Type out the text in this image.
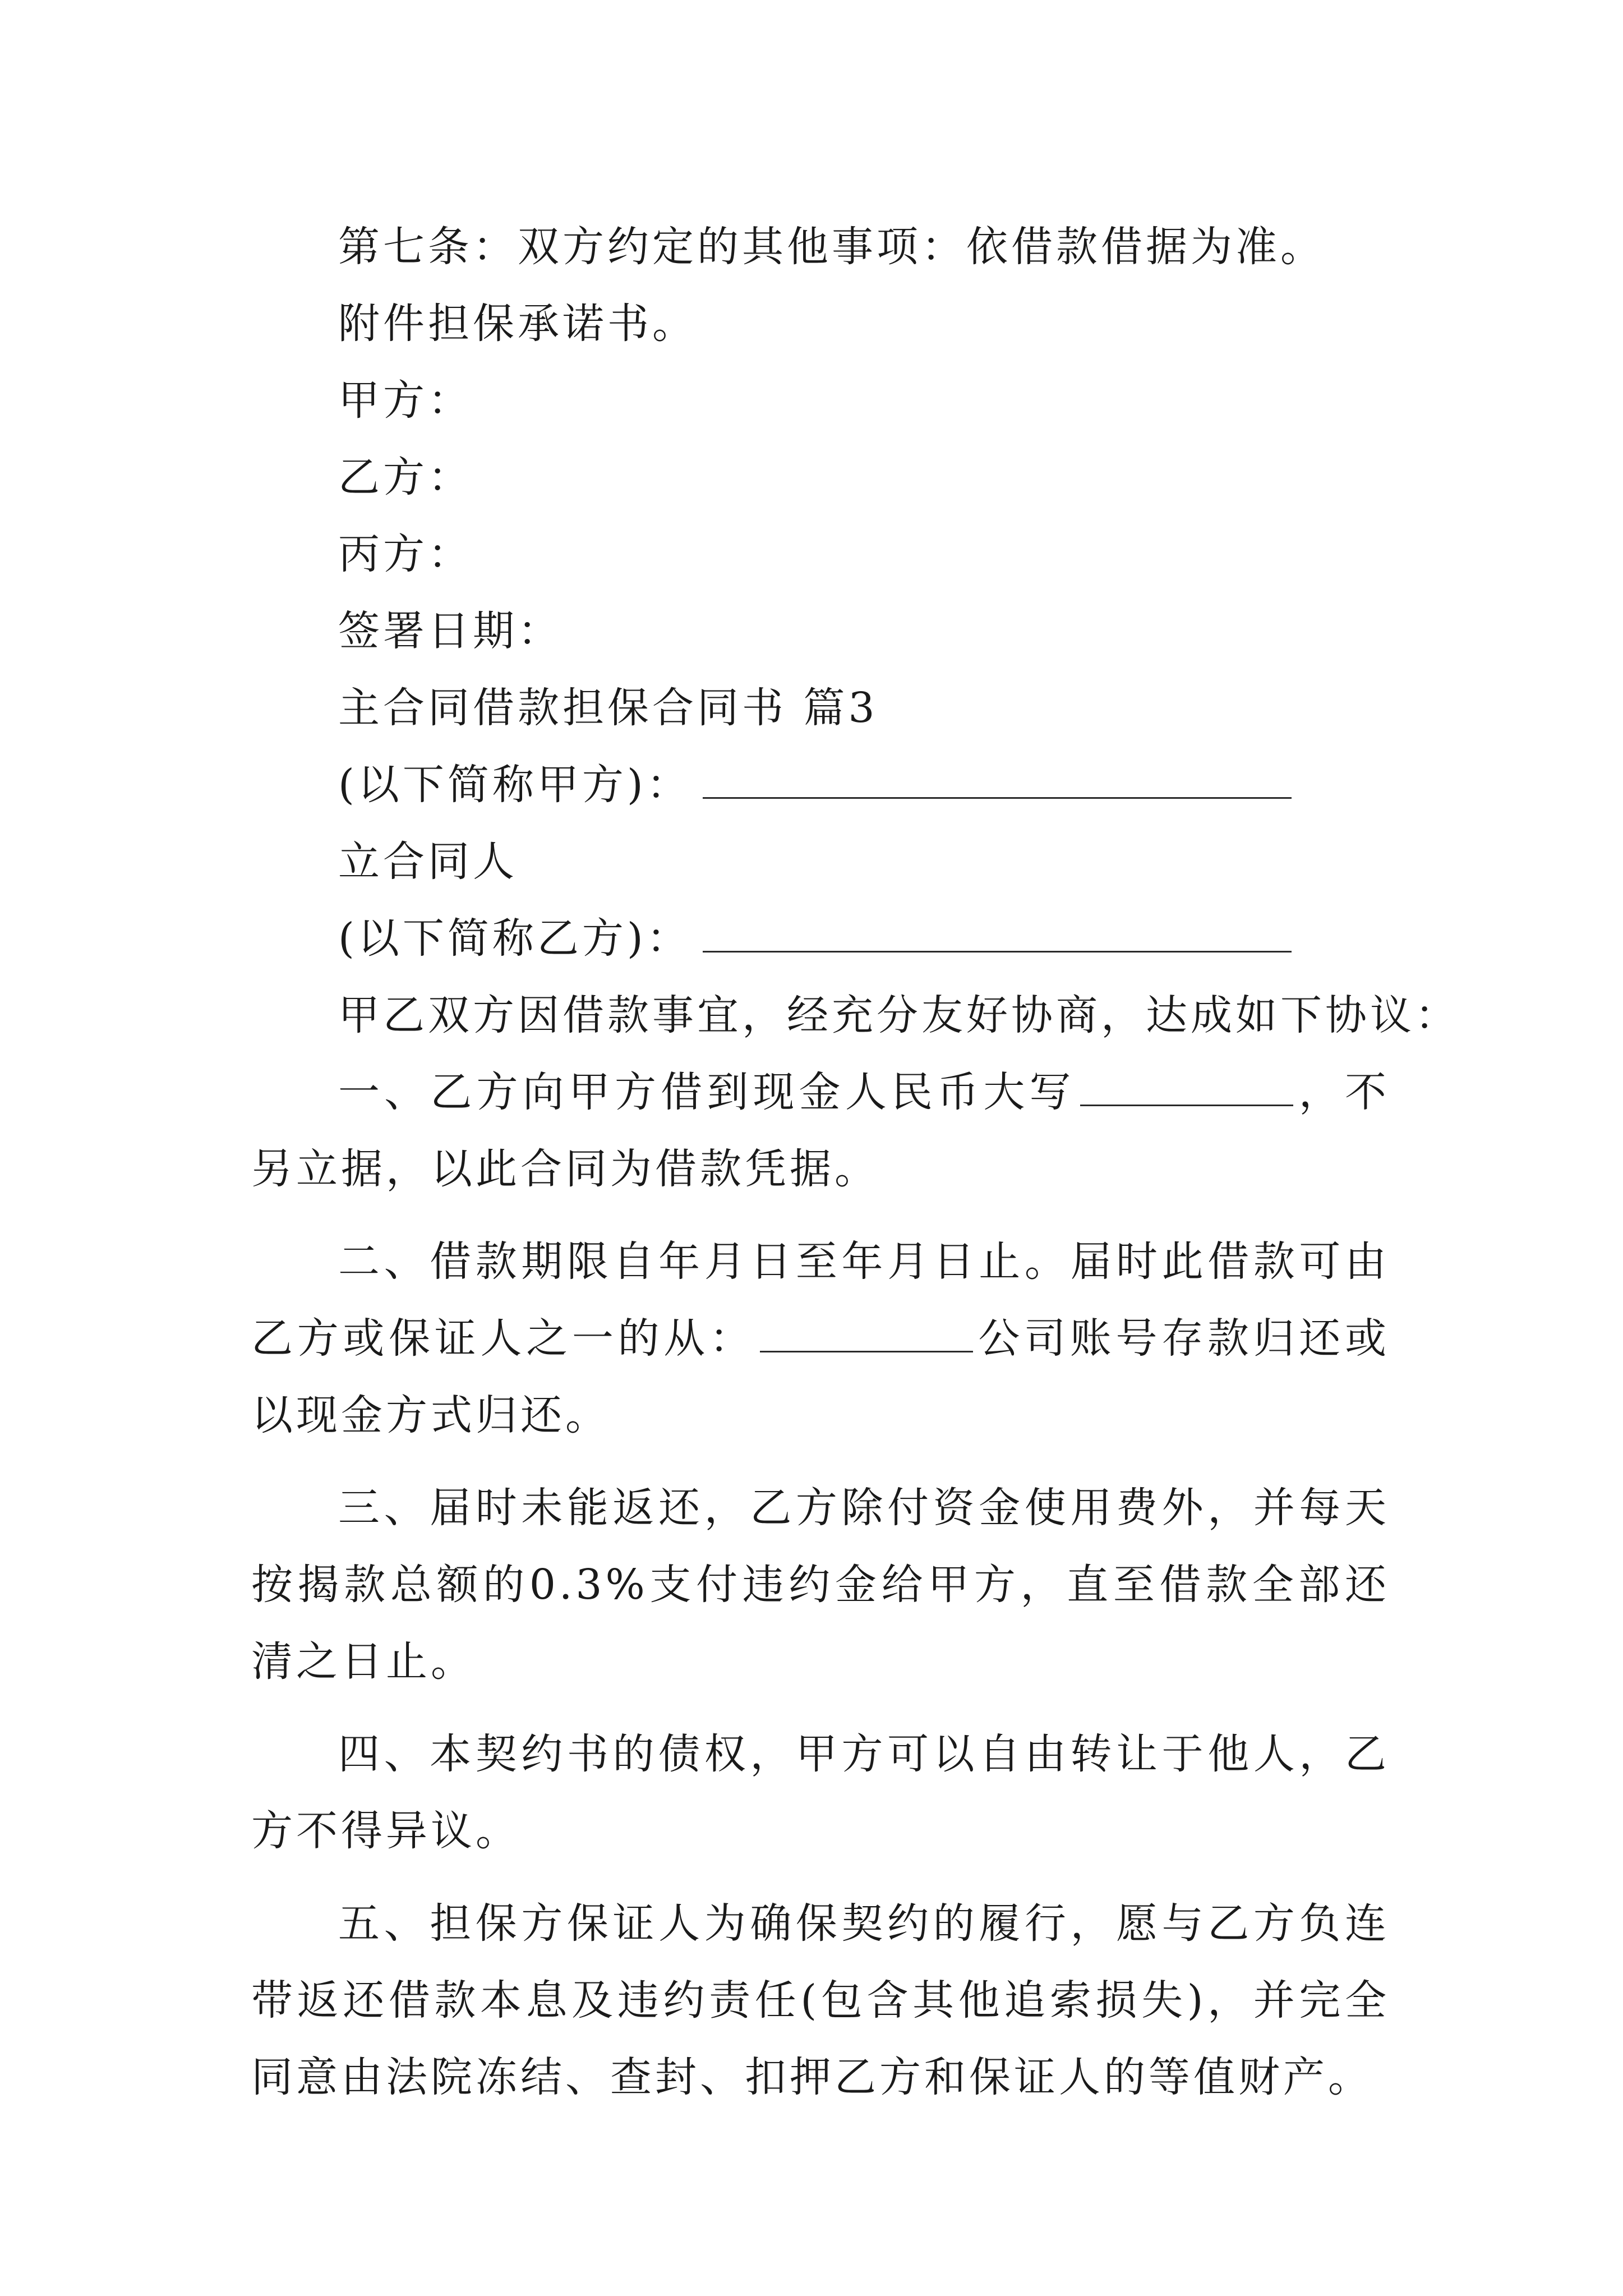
第七条：双方约定的其他事项：依借款借据为准。
附件担保承诺书。
甲方：
乙方：
丙方：
签署日期：
主合同借款担保合同书 篇3
(以下简称甲方)：
立合同人
(以下简称乙方)：
甲乙双方因借款事宜，经充分友好协商，达成如下协议：
一、乙方向甲方借到现金人民币大写	，不另立据，以此合同为借款凭据。
二、借款期限自年月日至年月日止。届时此借款可由乙方或保证人之一的从：	公司账号存款归还或以现金方式归还。
三、届时未能返还，乙方除付资金使用费外，并每天按揭款总额的0.3%支付违约金给甲方，直至借款全部还清之日止。
四、本契约书的债权，甲方可以自由转让于他人，乙方不得异议。
五、担保方保证人为确保契约的履行，愿与乙方负连带返还借款本息及违约责任(包含其他追索损失)，并完全同意由法院冻结、查封、扣押乙方和保证人的等值财产。
